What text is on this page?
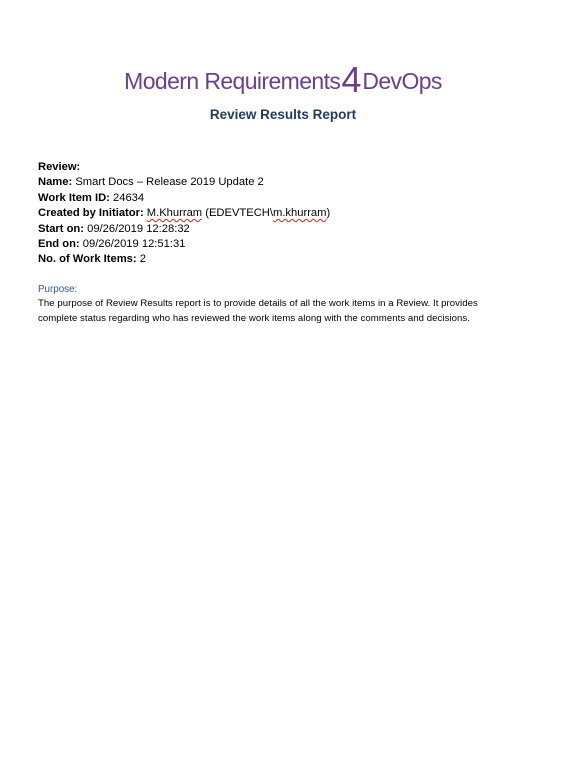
Modern Requirements4DevOps
Review Results Report
Review:
Name: Smart Docs – Release 2019 Update 2
Work Item ID: 24634
Created by Initiator: M.Khurram (EDEVTECH\m.khurram)
Start on: 09/26/2019 12:28:32
End on: 09/26/2019 12:51:31
No. of Work Items: 2
Purpose:
The purpose of Review Results report is to provide details of all the work items in a Review. It provides
complete status regarding who has reviewed the work items along with the comments and decisions.
